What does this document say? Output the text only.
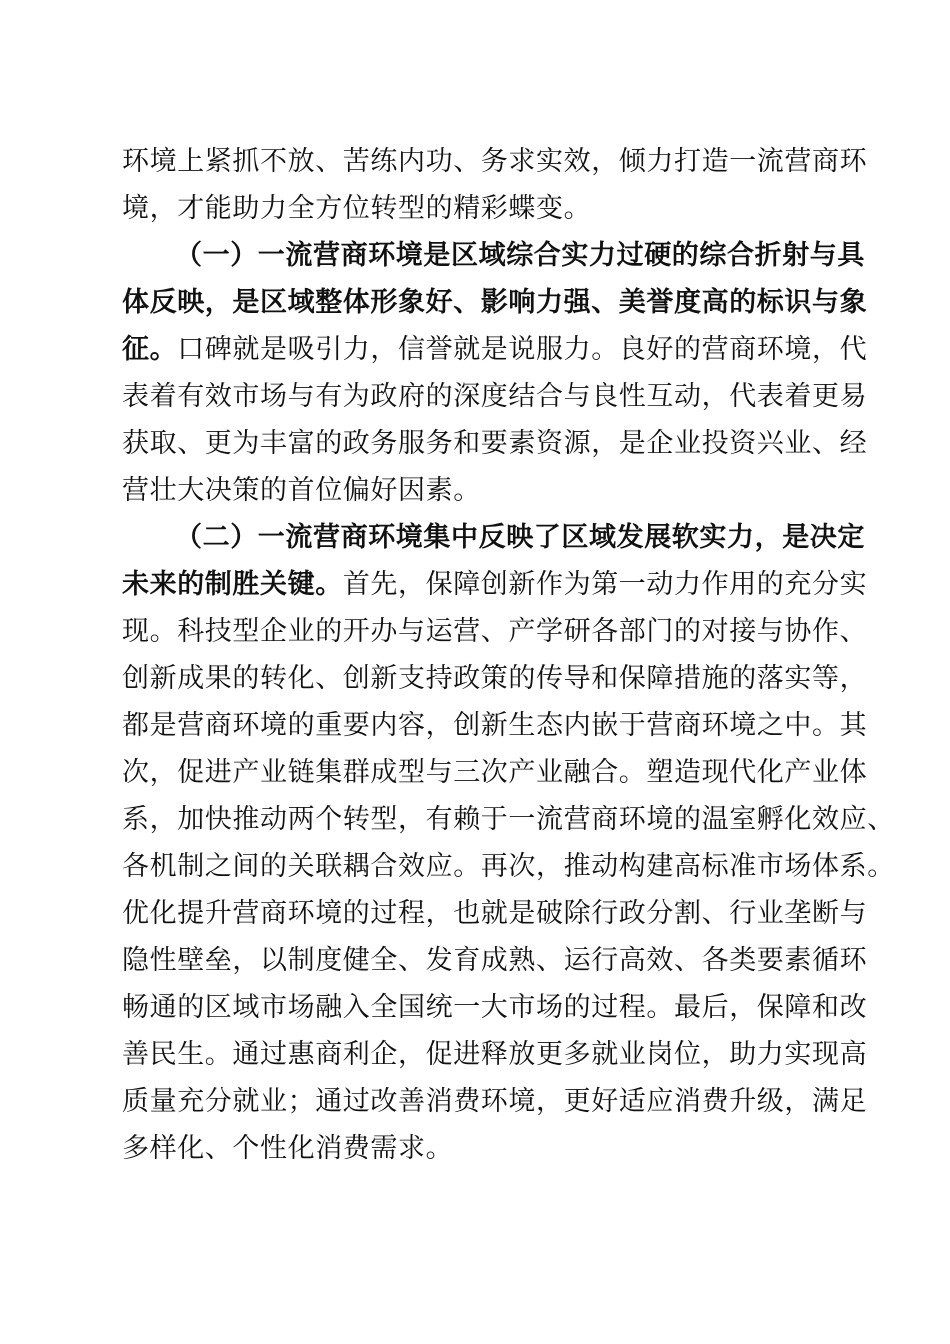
环境上紧抓不放、苦练内功、务求实效，倾力打造一流营商环
境，才能助力全方位转型的精彩蝶变。
（一）一流营商环境是区域综合实力过硬的综合折射与具
体反映，是区域整体形象好、影响力强、美誉度高的标识与象
征。口碑就是吸引力，信誉就是说服力。良好的营商环境，代
表着有效市场与有为政府的深度结合与良性互动，代表着更易
获取、更为丰富的政务服务和要素资源，是企业投资兴业、经
营壮大决策的首位偏好因素。
（二）一流营商环境集中反映了区域发展软实力，是决定
未来的制胜关键。首先，保障创新作为第一动力作用的充分实
现。科技型企业的开办与运营、产学研各部门的对接与协作、
创新成果的转化、创新支持政策的传导和保障措施的落实等，
都是营商环境的重要内容，创新生态内嵌于营商环境之中。其
次，促进产业链集群成型与三次产业融合。塑造现代化产业体
系，加快推动两个转型，有赖于一流营商环境的温室孵化效应、
各机制之间的关联耦合效应。再次，推动构建高标准市场体系。
优化提升营商环境的过程，也就是破除行政分割、行业垄断与
隐性壁垒，以制度健全、发育成熟、运行高效、各类要素循环
畅通的区域市场融入全国统一大市场的过程。最后，保障和改
善民生。通过惠商利企，促进释放更多就业岗位，助力实现高
质量充分就业；通过改善消费环境，更好适应消费升级，满足
多样化、个性化消费需求。
